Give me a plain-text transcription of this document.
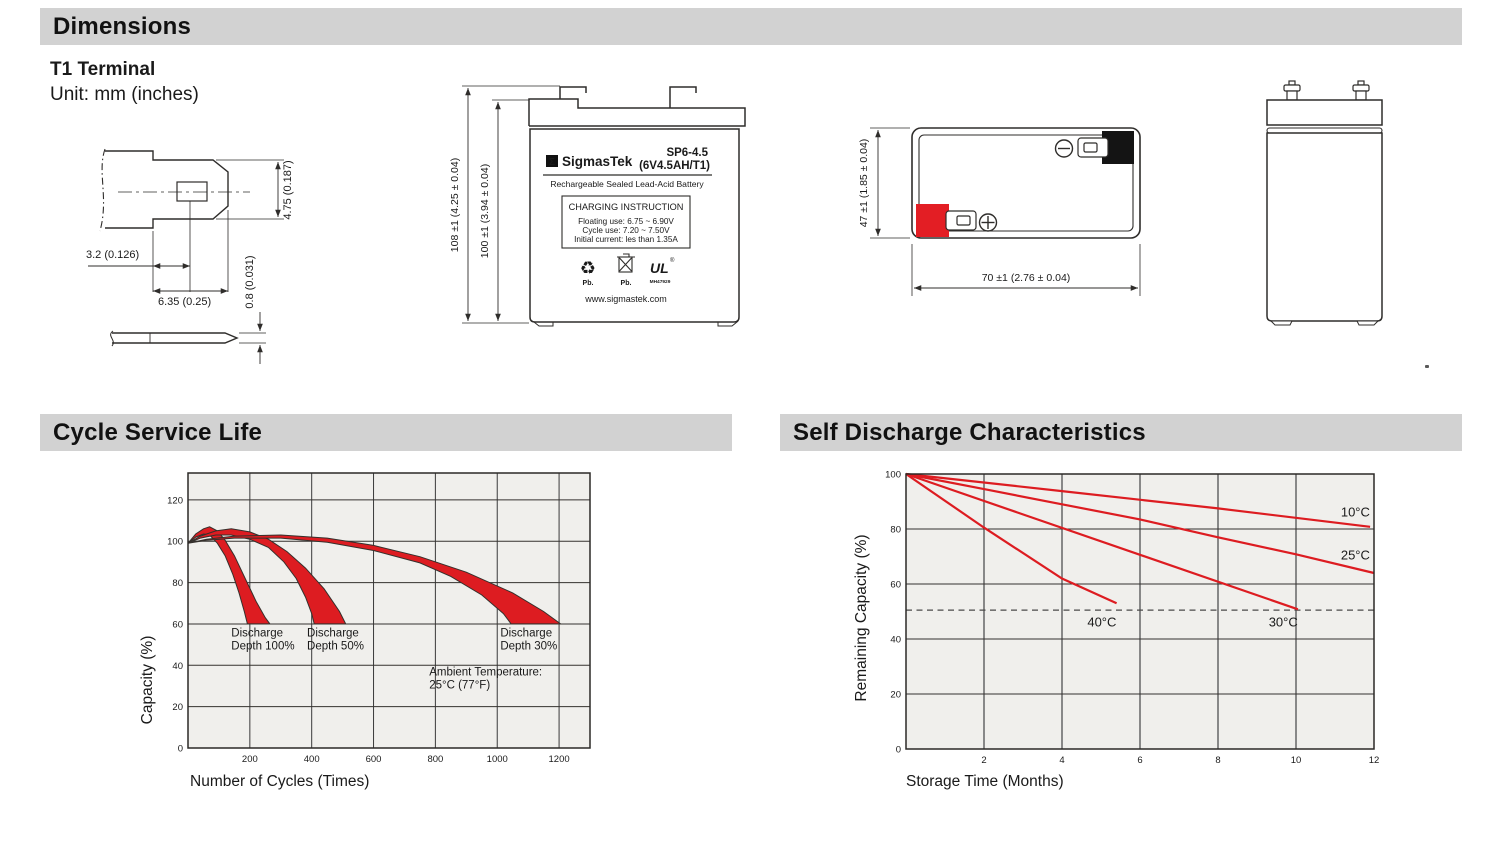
Dimensions
T1 Terminal
Unit: mm (inches)
3.2 (0.126)
6.35 (0.25)
4.75 (0.187)
0.8 (0.031)
108 ±1 (4.25 ± 0.04) 100 ±1 (3.94 ± 0.04)
Σ SigmasTek
SP6-4.5
(6V4.5AH/T1)
Rechargeable Sealed Lead-Acid Battery
CHARGING INSTRUCTION
Floating use: 6.75 ~ 6.90V
Cycle use: 7.20 ~ 7.50V
Initial current: les than 1.35A
♻
Pb.	Pb.
UL ®
MH47929
www.sigmastek.com
47 ±1 (1.85 ± 0.04)
70 ±1 (2.76 ± 0.04)
Cycle Service Life	Self Discharge Characteristics
200	400	600	800	1000	1200
0
20
40
60
80
100
120
Discharge
Depth 100%
Discharge
Depth 50%
Discharge
Depth 30%
Ambient Temperature:
25°C (77°F)
Number of Cycles (Times)
Capacity (%)
2	4	6	8	10	12
0
20
40
60
80
100
10°C
25°C
30°C
40°C
Storage Time (Months)
Remaining Capacity (%)
